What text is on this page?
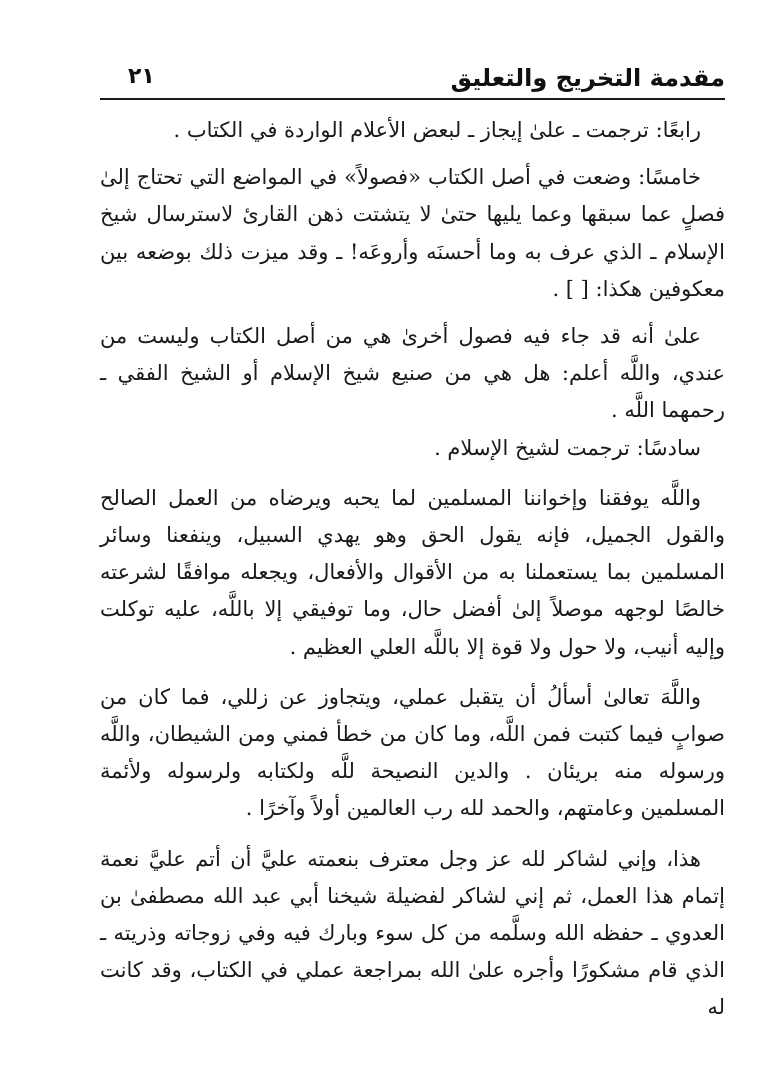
مقدمة التخريج والتعليق
٢١

رابعًا: ترجمت ـ علىٰ إيجاز ـ لبعض الأعلام الواردة في الكتاب .

خامسًا: وضعت في أصل الكتاب «فصولاً» في المواضع التي تحتاج إلىٰ فصلٍ عما سبقها وعما يليها حتىٰ لا يتشتت ذهن القارئ لاسترسال شيخ الإسلام ـ الذي عرف به وما أحسنَه وأروعَه! ـ وقد ميزت ذلك بوضعه بين معكوفين هكذا: [ ] .

علىٰ أنه قد جاء فيه فصول أخرىٰ هي من أصل الكتاب وليست من عندي، واللَّه أعلم: هل هي من صنيع شيخ الإسلام أو الشيخ الفقي ـ رحمهما اللَّه .

سادسًا: ترجمت لشيخ الإسلام .

واللَّه يوفقنا وإخواننا المسلمين لما يحبه ويرضاه من العمل الصالح والقول الجميل، فإنه يقول الحق وهو يهدي السبيل، وينفعنا وسائر المسلمين بما يستعملنا به من الأقوال والأفعال، ويجعله موافقًا لشرعته خالصًا لوجهه موصلاً إلىٰ أفضل حال، وما توفيقي إلا باللَّه، عليه توكلت وإليه أنيب، ولا حول ولا قوة إلا باللَّه العلي العظيم .

واللَّهَ تعالىٰ أسألُ أن يتقبل عملي، ويتجاوز عن زللي، فما كان من صوابٍ فيما كتبت فمن اللَّه، وما كان من خطأ فمني ومن الشيطان، واللَّه ورسوله منه بريئان . والدين النصيحة للَّه ولكتابه ولرسوله ولأئمة المسلمين وعامتهم، والحمد لله رب العالمين أولاً وآخرًا .

هذا، وإني لشاكر لله عز وجل معترف بنعمته عليَّ أن أتم عليَّ نعمة إتمام هذا العمل، ثم إني لشاكر لفضيلة شيخنا أبي عبد الله مصطفىٰ بن العدوي ـ حفظه الله وسلَّمه من كل سوء وبارك فيه وفي زوجاته وذريته ـ الذي قام مشكورًا وأجره علىٰ الله بمراجعة عملي في الكتاب، وقد كانت له
